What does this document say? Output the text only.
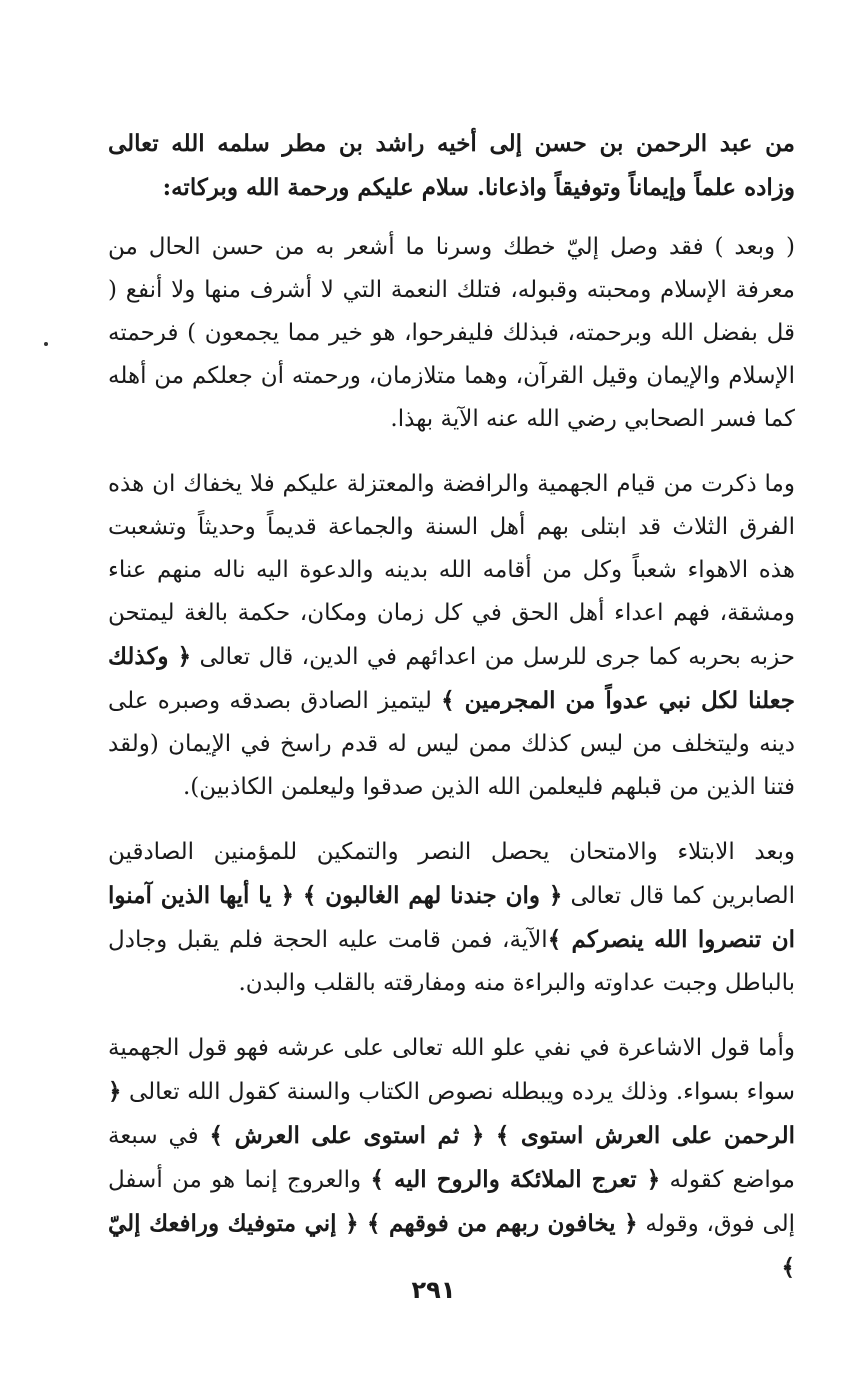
من عبد الرحمن بن حسن إلى أخيه راشد بن مطر سلمه الله تعالى وزاده علماً وإيماناً وتوفيقاً واذعانا. سلام عليكم ورحمة الله وبركاته:

( وبعد ) فقد وصل إليّ خطك وسرنا ما أشعر به من حسن الحال من معرفة الإسلام ومحبته وقبوله، فتلك النعمة التي لا أشرف منها ولا أنفع ( قل بفضل الله وبرحمته، فبذلك فليفرحوا، هو خير مما يجمعون ) فرحمته الإسلام والإيمان وقيل القرآن، وهما متلازمان، ورحمته أن جعلكم من أهله كما فسر الصحابي رضي الله عنه الآية بهذا.

وما ذكرت من قيام الجهمية والرافضة والمعتزلة عليكم فلا يخفاك ان هذه الفرق الثلاث قد ابتلى بهم أهل السنة والجماعة قديماً وحديثاً وتشعبت هذه الاهواء شعباً وكل من أقامه الله بدينه والدعوة اليه ناله منهم عناء ومشقة، فهم اعداء أهل الحق في كل زمان ومكان، حكمة بالغة ليمتحن حزبه بحربه كما جرى للرسل من اعدائهم في الدين، قال تعالى ﴿ وكذلك جعلنا لكل نبي عدواً من المجرمين ﴾ ليتميز الصادق بصدقه وصبره على دينه وليتخلف من ليس كذلك ممن ليس له قدم راسخ في الإيمان (ولقد فتنا الذين من قبلهم فليعلمن الله الذين صدقوا وليعلمن الكاذبين).

وبعد الابتلاء والامتحان يحصل النصر والتمكين للمؤمنين الصادقين الصابرين كما قال تعالى ﴿ وان جندنا لهم الغالبون ﴾ ﴿ يا أيها الذين آمنوا ان تنصروا الله ينصركم ﴾الآية، فمن قامت عليه الحجة فلم يقبل وجادل بالباطل وجبت عداوته والبراءة منه ومفارقته بالقلب والبدن.

وأما قول الاشاعرة في نفي علو الله تعالى على عرشه فهو قول الجهمية سواء بسواء. وذلك يرده ويبطله نصوص الكتاب والسنة كقول الله تعالى ﴿ الرحمن على العرش استوى ﴾ ﴿ ثم استوى على العرش ﴾ في سبعة مواضع كقوله ﴿ تعرج الملائكة والروح اليه ﴾ والعروج إنما هو من أسفل إلى فوق، وقوله ﴿ يخافون ربهم من فوقهم ﴾ ﴿ إني متوفيك ورافعك إليّ ﴾

٢٩١
